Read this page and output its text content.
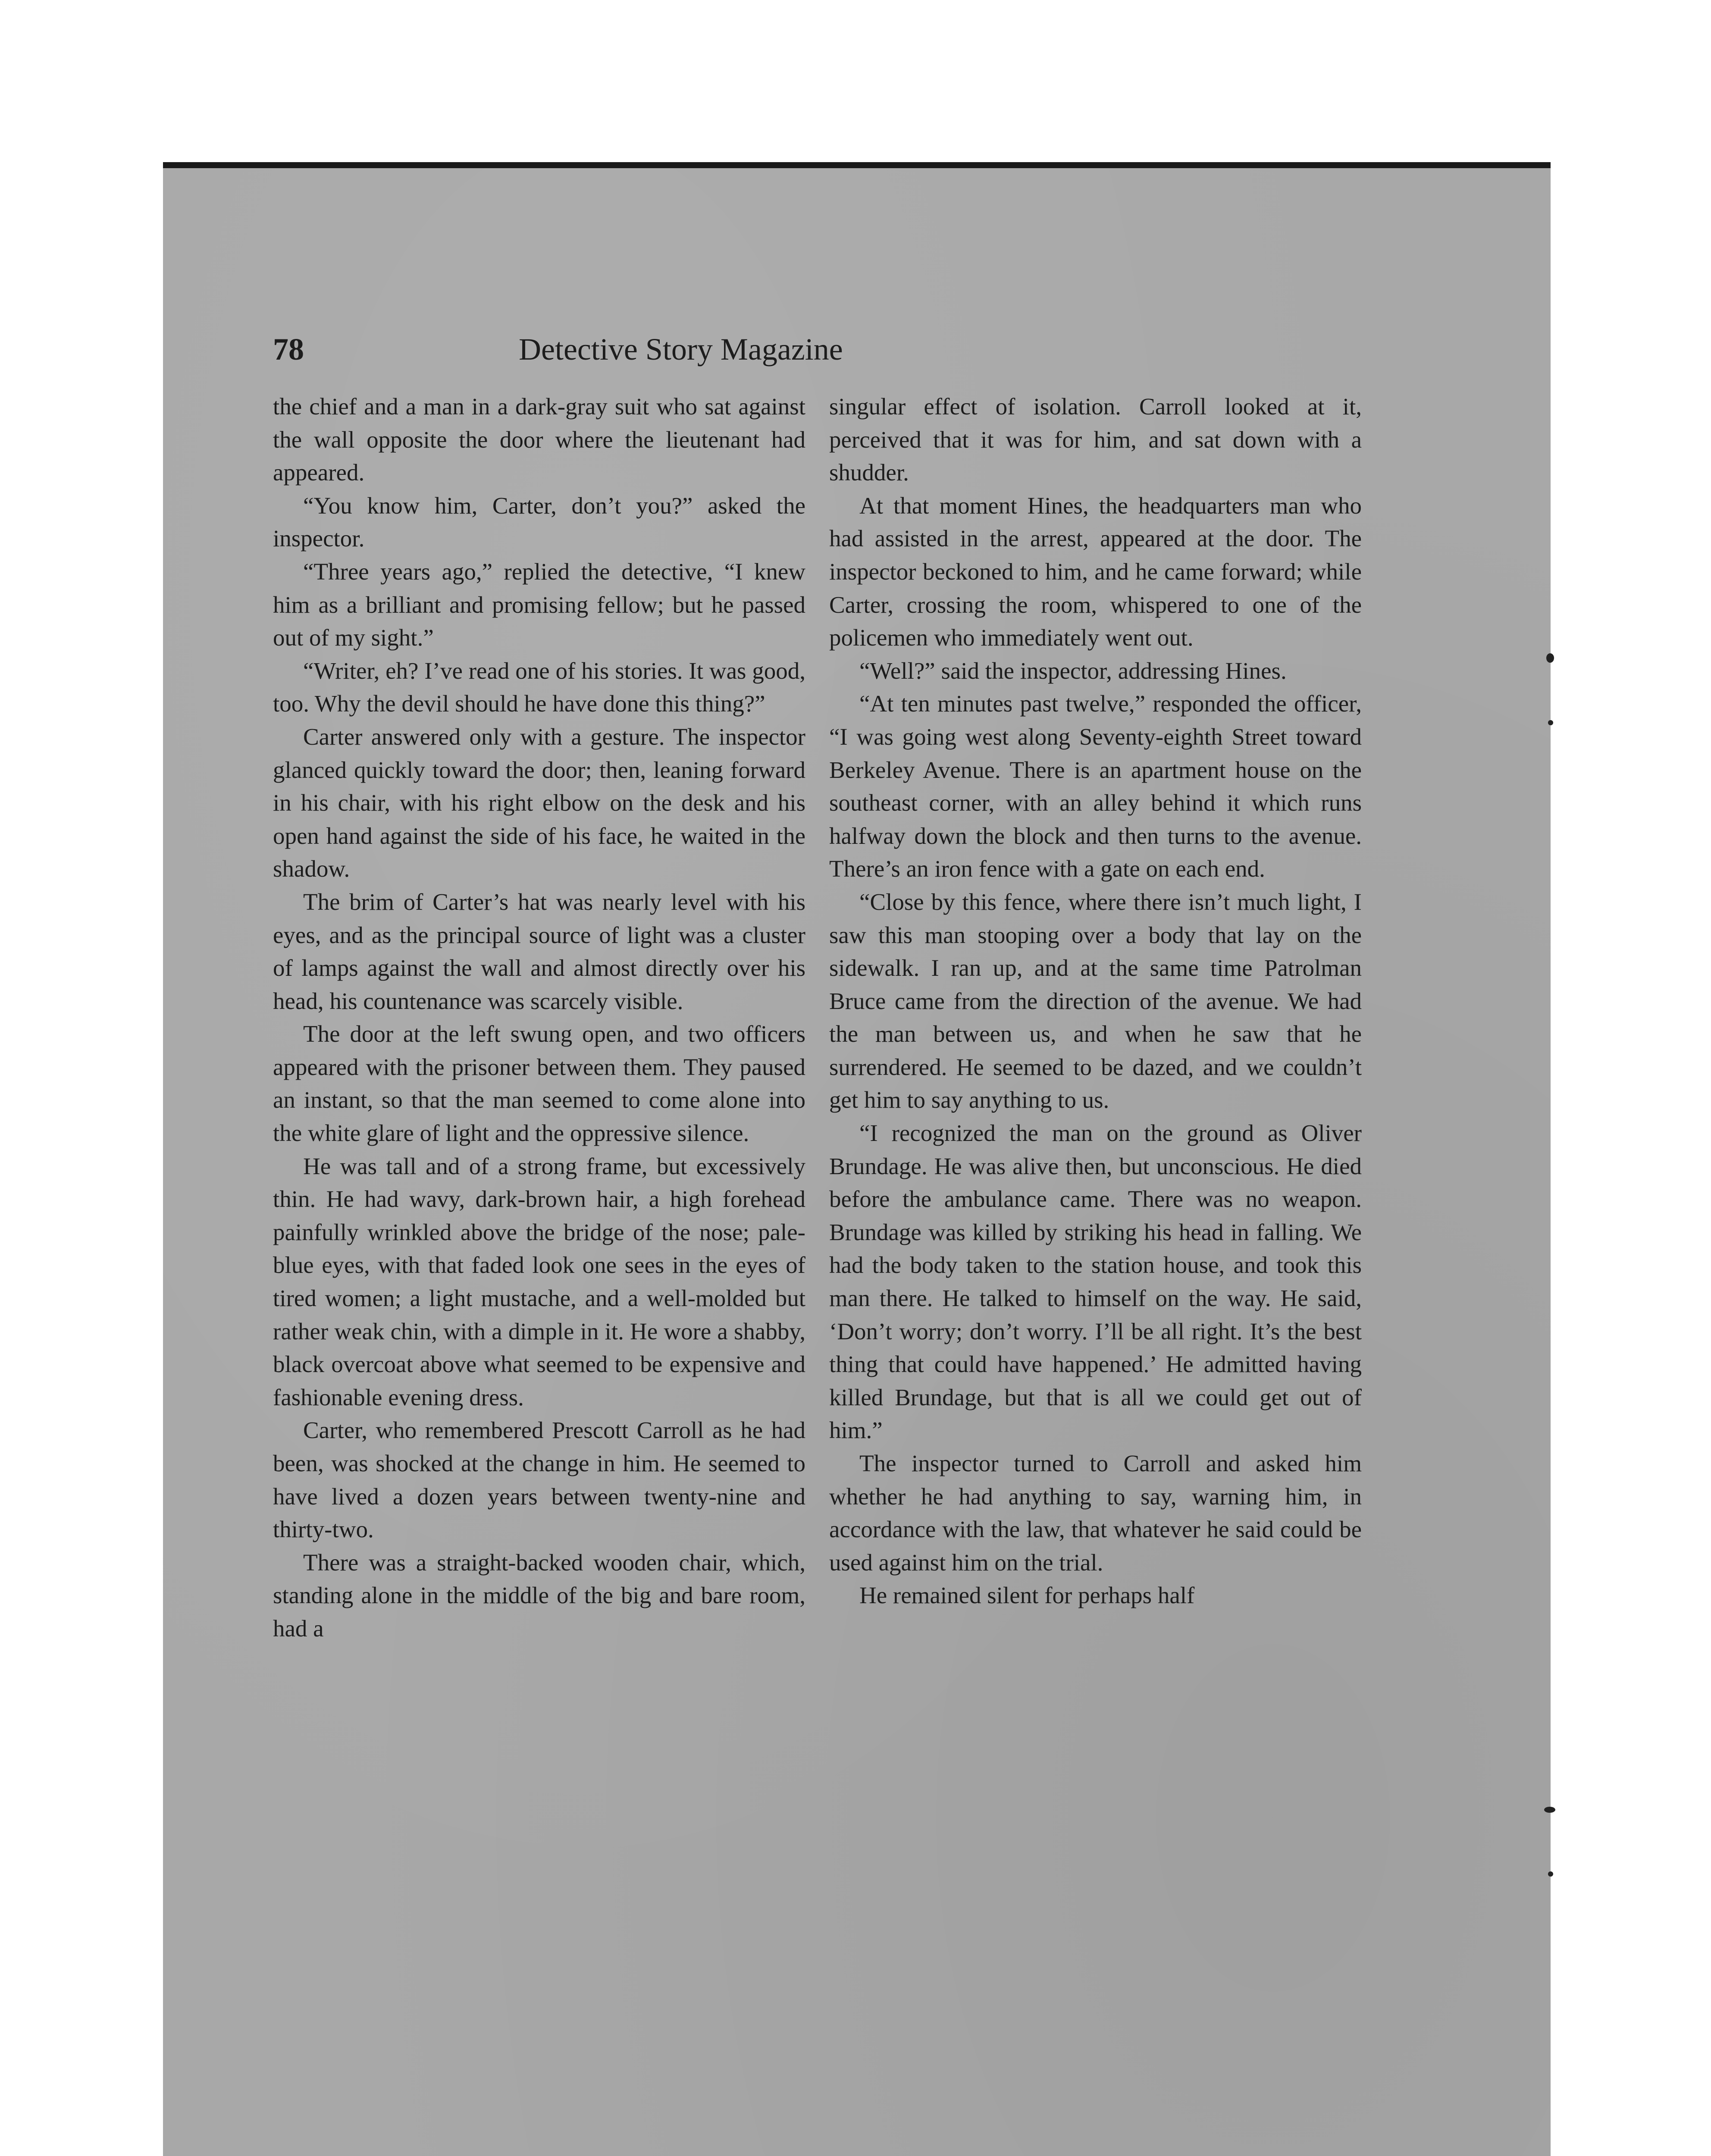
78	Detective Story Magazine

the chief and a man in a dark-gray suit who sat against the wall opposite the door where the lieutenant had appeared.

“You know him, Carter, don’t you?” asked the inspector.

“Three years ago,” replied the detective, “I knew him as a brilliant and promising fellow; but he passed out of my sight.”

“Writer, eh? I’ve read one of his stories. It was good, too. Why the devil should he have done this thing?”

Carter answered only with a gesture. The inspector glanced quickly toward the door; then, leaning forward in his chair, with his right elbow on the desk and his open hand against the side of his face, he waited in the shadow.

The brim of Carter’s hat was nearly level with his eyes, and as the principal source of light was a cluster of lamps against the wall and almost directly over his head, his countenance was scarcely visible.

The door at the left swung open, and two officers appeared with the prisoner between them. They paused an instant, so that the man seemed to come alone into the white glare of light and the oppressive silence.

He was tall and of a strong frame, but excessively thin. He had wavy, dark-brown hair, a high forehead painfully wrinkled above the bridge of the nose; pale-blue eyes, with that faded look one sees in the eyes of tired women; a light mustache, and a well-molded but rather weak chin, with a dimple in it. He wore a shabby, black overcoat above what seemed to be expensive and fashionable evening dress.

Carter, who remembered Prescott Carroll as he had been, was shocked at the change in him. He seemed to have lived a dozen years between twenty-nine and thirty-two.

There was a straight-backed wooden chair, which, standing alone in the middle of the big and bare room, had a

singular effect of isolation. Carroll looked at it, perceived that it was for him, and sat down with a shudder.

At that moment Hines, the headquarters man who had assisted in the arrest, appeared at the door. The inspector beckoned to him, and he came forward; while Carter, crossing the room, whispered to one of the policemen who immediately went out.

“Well?” said the inspector, addressing Hines.

“At ten minutes past twelve,” responded the officer, “I was going west along Seventy-eighth Street toward Berkeley Avenue. There is an apartment house on the southeast corner, with an alley behind it which runs halfway down the block and then turns to the avenue. There’s an iron fence with a gate on each end.

“Close by this fence, where there isn’t much light, I saw this man stooping over a body that lay on the sidewalk. I ran up, and at the same time Patrolman Bruce came from the direction of the avenue. We had the man between us, and when he saw that he surrendered. He seemed to be dazed, and we couldn’t get him to say anything to us.

“I recognized the man on the ground as Oliver Brundage. He was alive then, but unconscious. He died before the ambulance came. There was no weapon. Brundage was killed by striking his head in falling. We had the body taken to the station house, and took this man there. He talked to himself on the way. He said, ‘Don’t worry; don’t worry. I’ll be all right. It’s the best thing that could have happened.’ He admitted having killed Brundage, but that is all we could get out of him.”

The inspector turned to Carroll and asked him whether he had anything to say, warning him, in accordance with the law, that whatever he said could be used against him on the trial.

He remained silent for perhaps half
